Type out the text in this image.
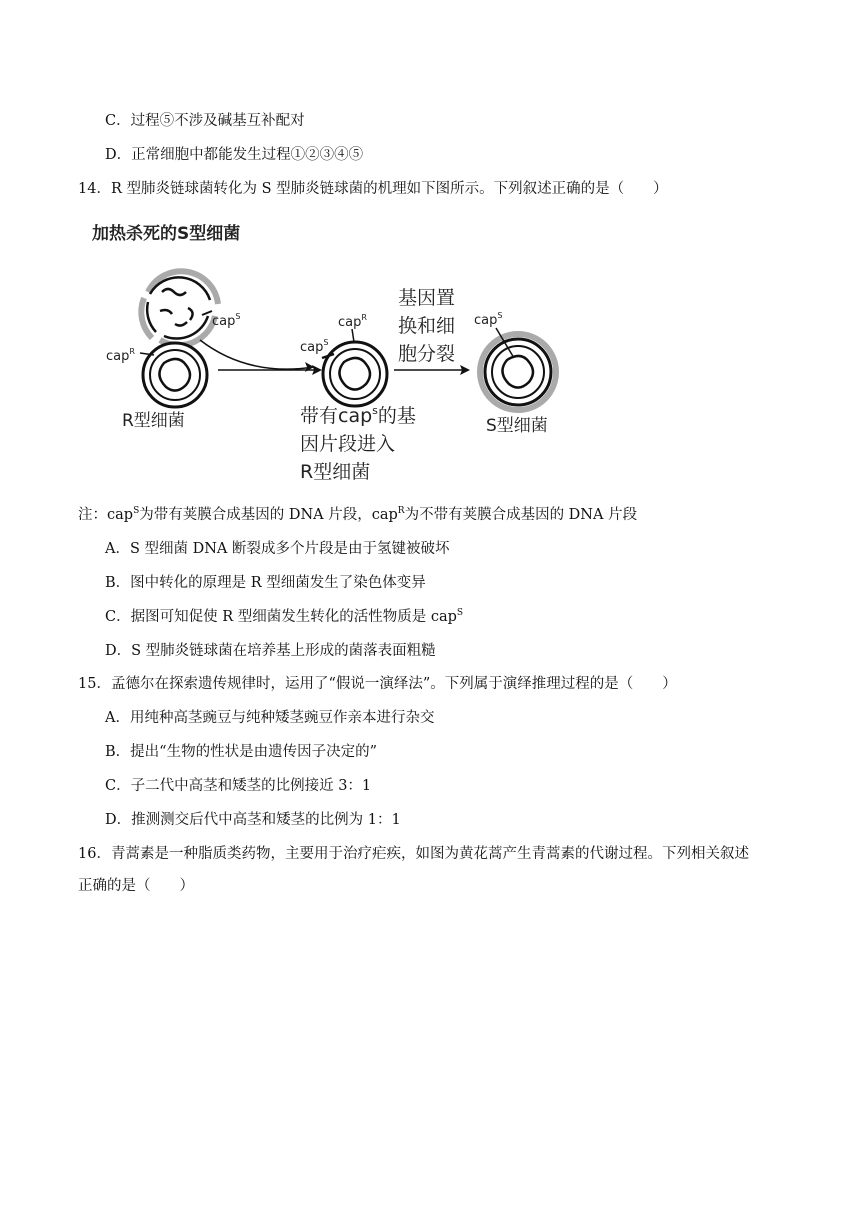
C．过程⑤不涉及碱基互补配对
D．正常细胞中都能发生过程①②③④⑤
14．R 型肺炎链球菌转化为 S 型肺炎链球菌的机理如下图所示。下列叙述正确的是（　　）
加热杀死的S型细菌
cap$^S$
cap$^R$
R型细菌
cap$^R$
cap$^S$
带有cap$^s$的基
因片段进入
R型细菌
基因置
换和细
胞分裂
cap$^S$
S型细菌
注：cap$^S$为带有荚膜合成基因的 DNA 片段，cap$^R$为不带有荚膜合成基因的 DNA 片段
A．S 型细菌 DNA 断裂成多个片段是由于氢键被破坏
B．图中转化的原理是 R 型细菌发生了染色体变异
C．据图可知促使 R 型细菌发生转化的活性物质是 cap$^S$
D．S 型肺炎链球菌在培养基上形成的菌落表面粗糙
15．孟德尔在探索遗传规律时，运用了“假说一演绎法”。下列属于演绎推理过程的是（　　）
A．用纯种高茎豌豆与纯种矮茎豌豆作亲本进行杂交
B．提出“生物的性状是由遗传因子决定的”
C．子二代中高茎和矮茎的比例接近 3：1
D．推测测交后代中高茎和矮茎的比例为 1：1
16．青蒿素是一种脂质类药物，主要用于治疗疟疾，如图为黄花蒿产生青蒿素的代谢过程。下列相关叙述
正确的是（　　）
